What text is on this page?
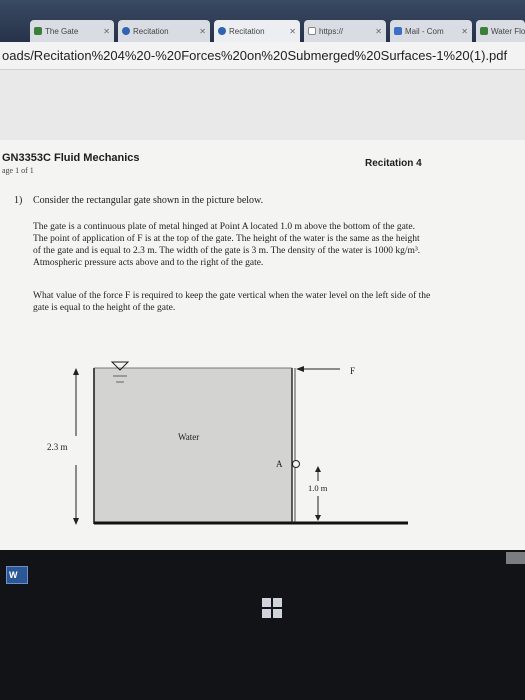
The Gate	✕	Recitation	✕	Recitation	✕	https://	✕	Mail - Com	✕	Water Flo
oads/Recitation%204%20-%20Forces%20on%20Submerged%20Surfaces-1%20(1).pdf
GN3353C Fluid Mechanics
age 1 of 1
Recitation 4
1) Consider the rectangular gate shown in the picture below.
The gate is a continuous plate of metal hinged at Point A located 1.0 m above the bottom of the gate.
The point of application of F is at the top of the gate. The height of the water is the same as the height
of the gate and is equal to 2.3 m. The width of the gate is 3 m. The density of the water is 1000 kg/m³.
Atmospheric pressure acts above and to the right of the gate.
What value of the force F is required to keep the gate vertical when the water level on the left side of the
gate is equal to the height of the gate.
Water
2.3 m
F
A
1.0 m
W
